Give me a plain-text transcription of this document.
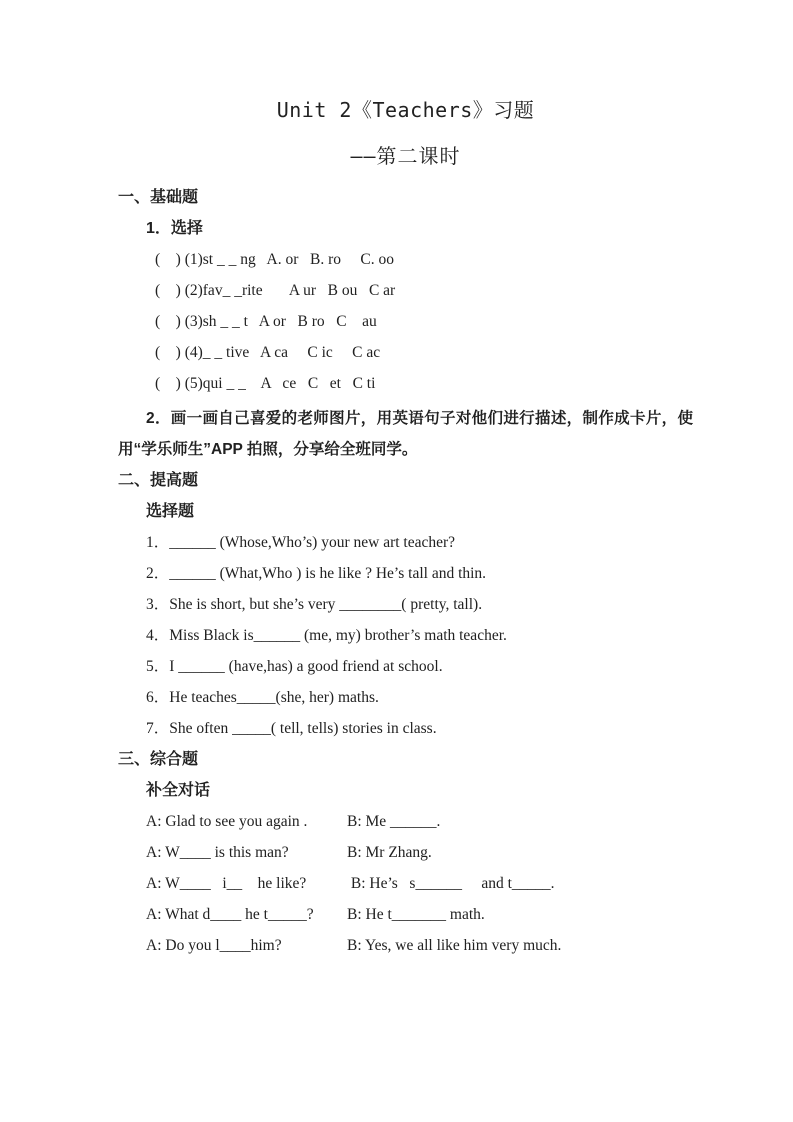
Unit 2《Teachers》习题
——第二课时
一、基础题
1．选择
(    ) (1)st _ _ ng   A. or   B. ro     C. oo
(    ) (2)fav_ _rite       A ur   B ou   C ar
(    ) (3)sh _ _ t   A or   B ro   C    au
(    ) (4)_ _ tive   A ca     C ic     C ac
(    ) (5)qui _ _    A   ce   C   et   C ti
2．画一画自己喜爱的老师图片，用英语句子对他们进行描述，制作成卡片，使用“学乐师生”APP 拍照，分享给全班同学。
二、提高题
选择题
1．______ (Whose,Who’s) your new art teacher?
2．______ (What,Who ) is he like ? He’s tall and thin.
3．She is short, but she’s very ________( pretty, tall).
4．Miss Black is______ (me, my) brother’s math teacher.
5．I ______ (have,has) a good friend at school.
6．He teaches_____(she, her) maths.
7．She often _____( tell, tells) stories in class.
三、综合题
补全对话
A: Glad to see you again .	B: Me ______.
A: W____ is this man?	B: Mr Zhang.
A: W____   i__    he like?	B: He’s   s______     and t_____.
A: What d____ he t_____?	B: He t_______ math.
A: Do you l____him?	B: Yes, we all like him very much.
